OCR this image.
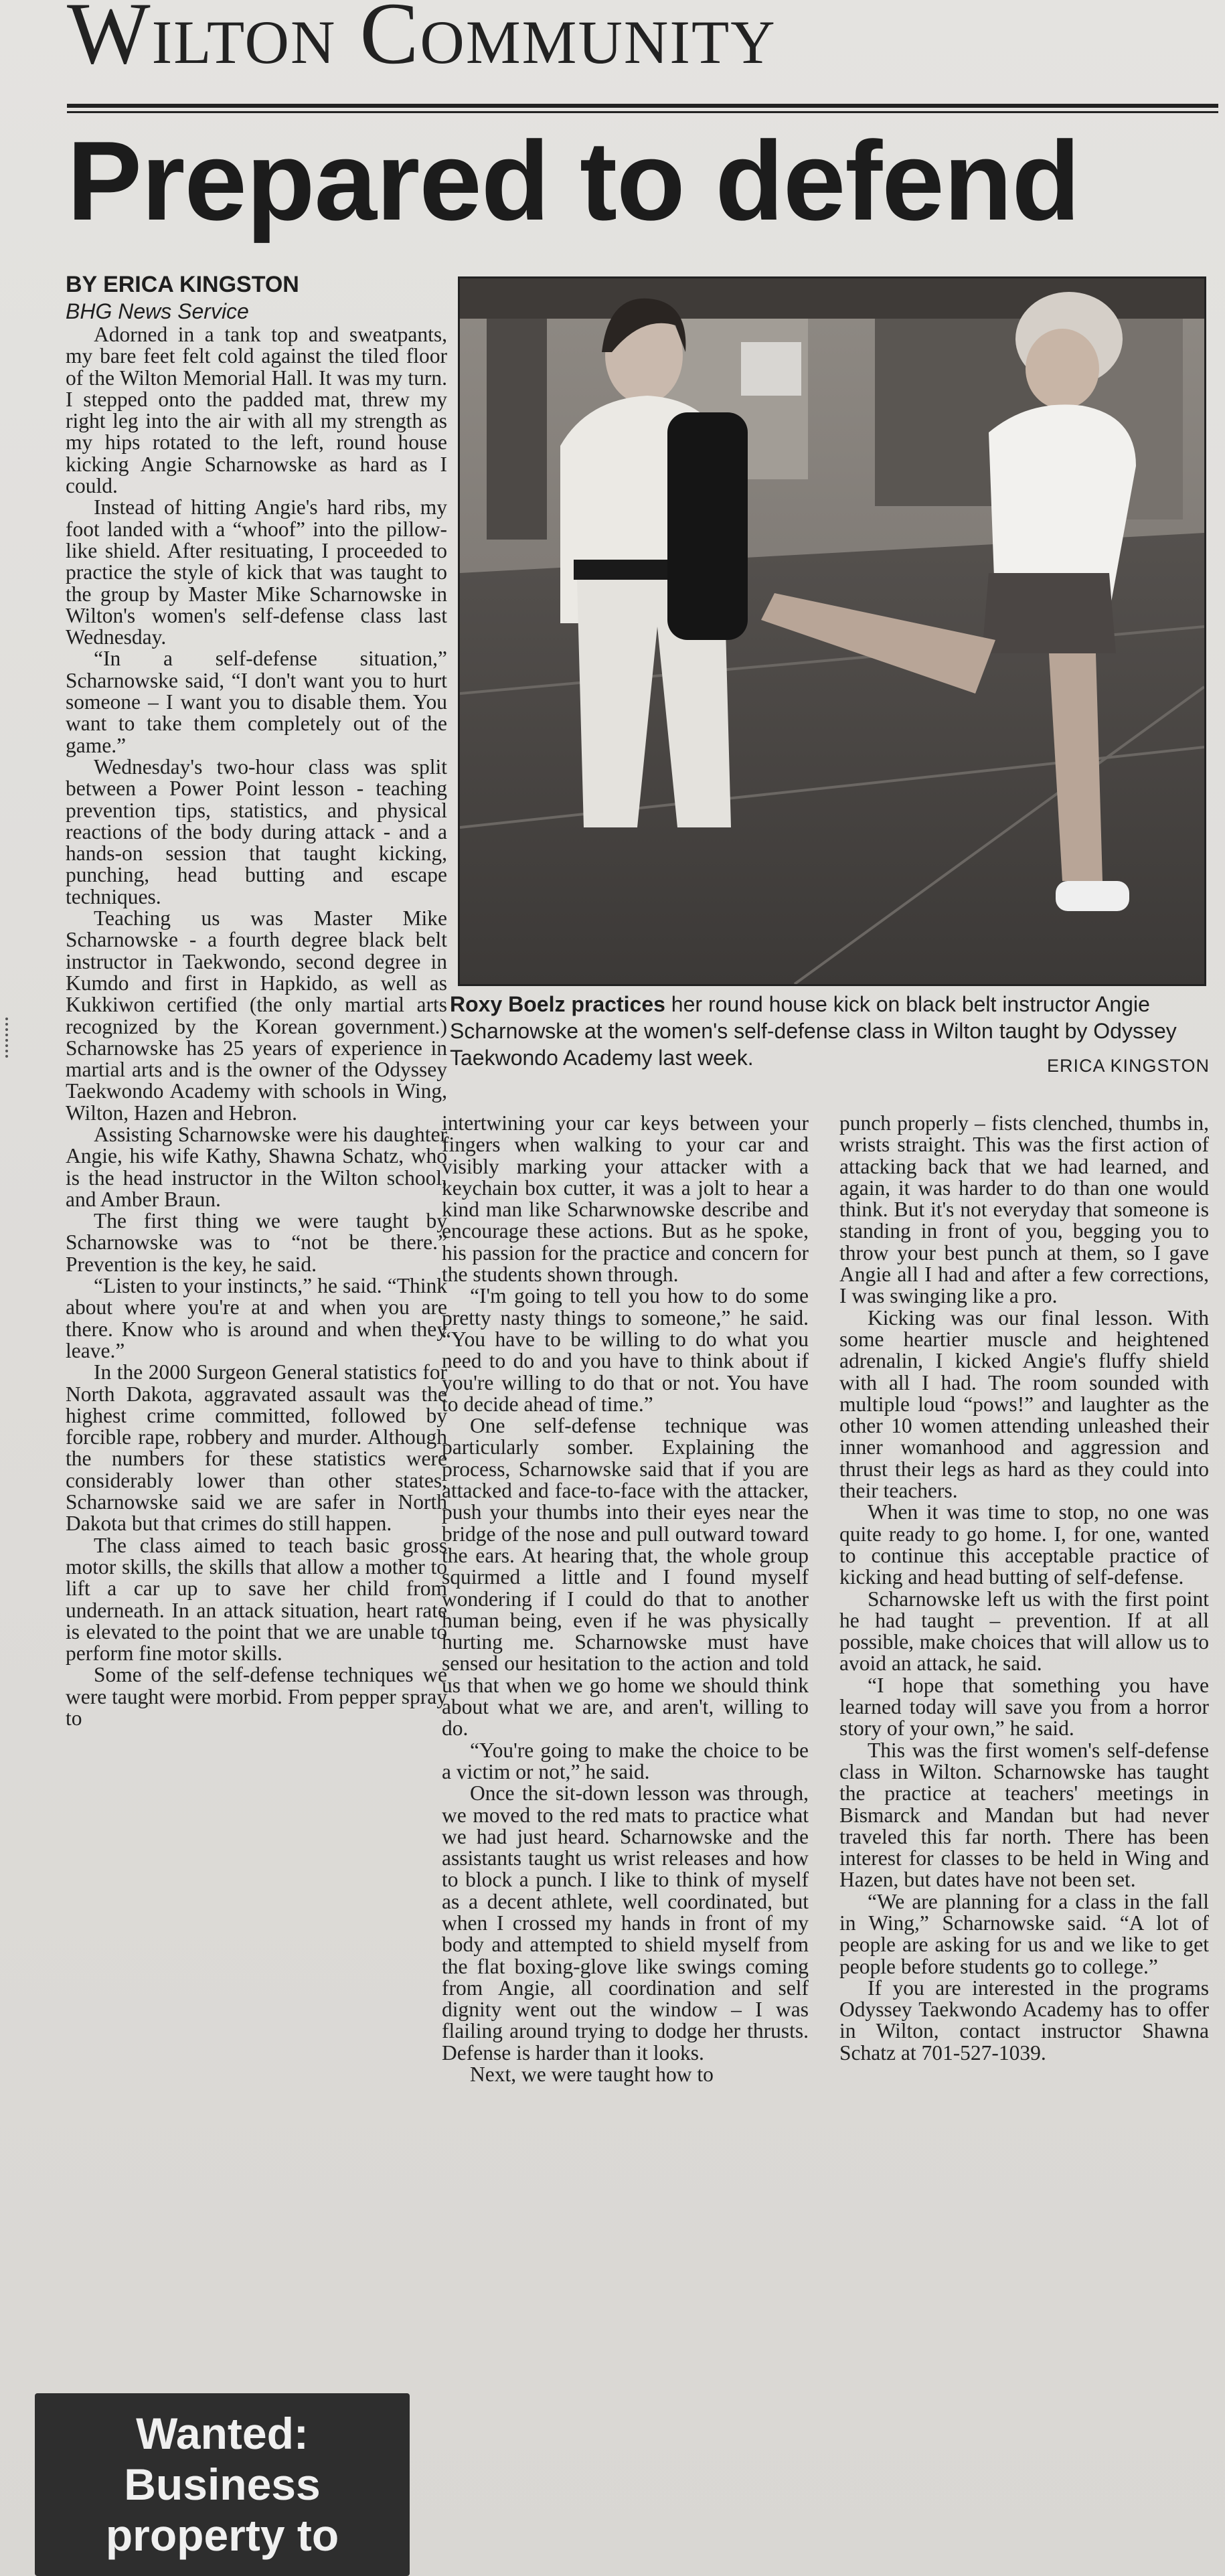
Wilton Community
Prepared to defend
BY ERICA KINGSTON
BHG News Service

Adorned in a tank top and sweatpants, my bare feet felt cold against the tiled floor of the Wilton Memorial Hall. It was my turn. I stepped onto the padded mat, threw my right leg into the air with all my strength as my hips rotated to the left, round house kicking Angie Scharnowske as hard as I could.

Instead of hitting Angie's hard ribs, my foot landed with a “whoof” into the pillow-like shield. After resituating, I proceeded to practice the style of kick that was taught to the group by Master Mike Scharnowske in Wilton's women's self-defense class last Wednesday.

“In a self-defense situation,” Scharnowske said, “I don't want you to hurt someone – I want you to disable them. You want to take them completely out of the game.”

Wednesday's two-hour class was split between a Power Point lesson - teaching prevention tips, statistics, and physical reactions of the body during attack - and a hands-on session that taught kicking, punching, head butting and escape techniques.

Teaching us was Master Mike Scharnowske - a fourth degree black belt instructor in Taekwondo, second degree in Kumdo and first in Hapkido, as well as Kukkiwon certified (the only martial arts recognized by the Korean government.) Scharnowske has 25 years of experience in martial arts and is the owner of the Odyssey Taekwondo Academy with schools in Wing, Wilton, Hazen and Hebron.

Assisting Scharnowske were his daughter Angie, his wife Kathy, Shawna Schatz, who is the head instructor in the Wilton school, and Amber Braun.

The first thing we were taught by Scharnowske was to “not be there.” Prevention is the key, he said.

“Listen to your instincts,” he said. “Think about where you're at and when you are there. Know who is around and when they leave.”

In the 2000 Surgeon General statistics for North Dakota, aggravated assault was the highest crime committed, followed by forcible rape, robbery and murder. Although the numbers for these statistics were considerably lower than other states, Scharnowske said we are safer in North Dakota but that crimes do still happen.

The class aimed to teach basic gross motor skills, the skills that allow a mother to lift a car up to save her child from underneath. In an attack situation, heart rate is elevated to the point that we are unable to perform fine motor skills.

Some of the self-defense techniques we were taught were morbid. From pepper spray to

Roxy Boelz practices her round house kick on black belt instructor Angie Scharnowske at the women's self-defense class in Wilton taught by Odyssey Taekwondo Academy last week.	ERICA KINGSTON

intertwining your car keys between your fingers when walking to your car and visibly marking your attacker with a keychain box cutter, it was a jolt to hear a kind man like Scharwnowske describe and encourage these actions. But as he spoke, his passion for the practice and concern for the students shown through.

“I'm going to tell you how to do some pretty nasty things to someone,” he said. “You have to be willing to do what you need to do and you have to think about if you're willing to do that or not. You have to decide ahead of time.”

One self-defense technique was particularly somber. Explaining the process, Scharnowske said that if you are attacked and face-to-face with the attacker, push your thumbs into their eyes near the bridge of the nose and pull outward toward the ears. At hearing that, the whole group squirmed a little and I found myself wondering if I could do that to another human being, even if he was physically hurting me. Scharnowske must have sensed our hesitation to the action and told us that when we go home we should think about what we are, and aren't, willing to do.

“You're going to make the choice to be a victim or not,” he said.

Once the sit-down lesson was through, we moved to the red mats to practice what we had just heard. Scharnowske and the assistants taught us wrist releases and how to block a punch. I like to think of myself as a decent athlete, well coordinated, but when I crossed my hands in front of my body and attempted to shield myself from the flat boxing-glove like swings coming from Angie, all coordination and self dignity went out the window – I was flailing around trying to dodge her thrusts. Defense is harder than it looks.

Next, we were taught how to

punch properly – fists clenched, thumbs in, wrists straight. This was the first action of attacking back that we had learned, and again, it was harder to do than one would think. But it's not everyday that someone is standing in front of you, begging you to throw your best punch at them, so I gave Angie all I had and after a few corrections, I was swinging like a pro.

Kicking was our final lesson. With some heartier muscle and heightened adrenalin, I kicked Angie's fluffy shield with all I had. The room sounded with multiple loud “pows!” and laughter as the other 10 women attending unleashed their inner womanhood and aggression and thrust their legs as hard as they could into their teachers.

When it was time to stop, no one was quite ready to go home. I, for one, wanted to continue this acceptable practice of kicking and head butting of self-defense.

Scharnowske left us with the first point he had taught – prevention. If at all possible, make choices that will allow us to avoid an attack, he said.

“I hope that something you have learned today will save you from a horror story of your own,” he said.

This was the first women's self-defense class in Wilton. Scharnowske has taught the practice at teachers' meetings in Bismarck and Mandan but had never traveled this far north. There has been interest for classes to be held in Wing and Hazen, but dates have not been set.

“We are planning for a class in the fall in Wing,” Scharnowske said. “A lot of people are asking for us and we like to get people before students go to college.”

If you are interested in the programs Odyssey Taekwondo Academy has to offer in Wilton, contact instructor Shawna Schatz at 701-527-1039.

Wanted:
Business
property to
